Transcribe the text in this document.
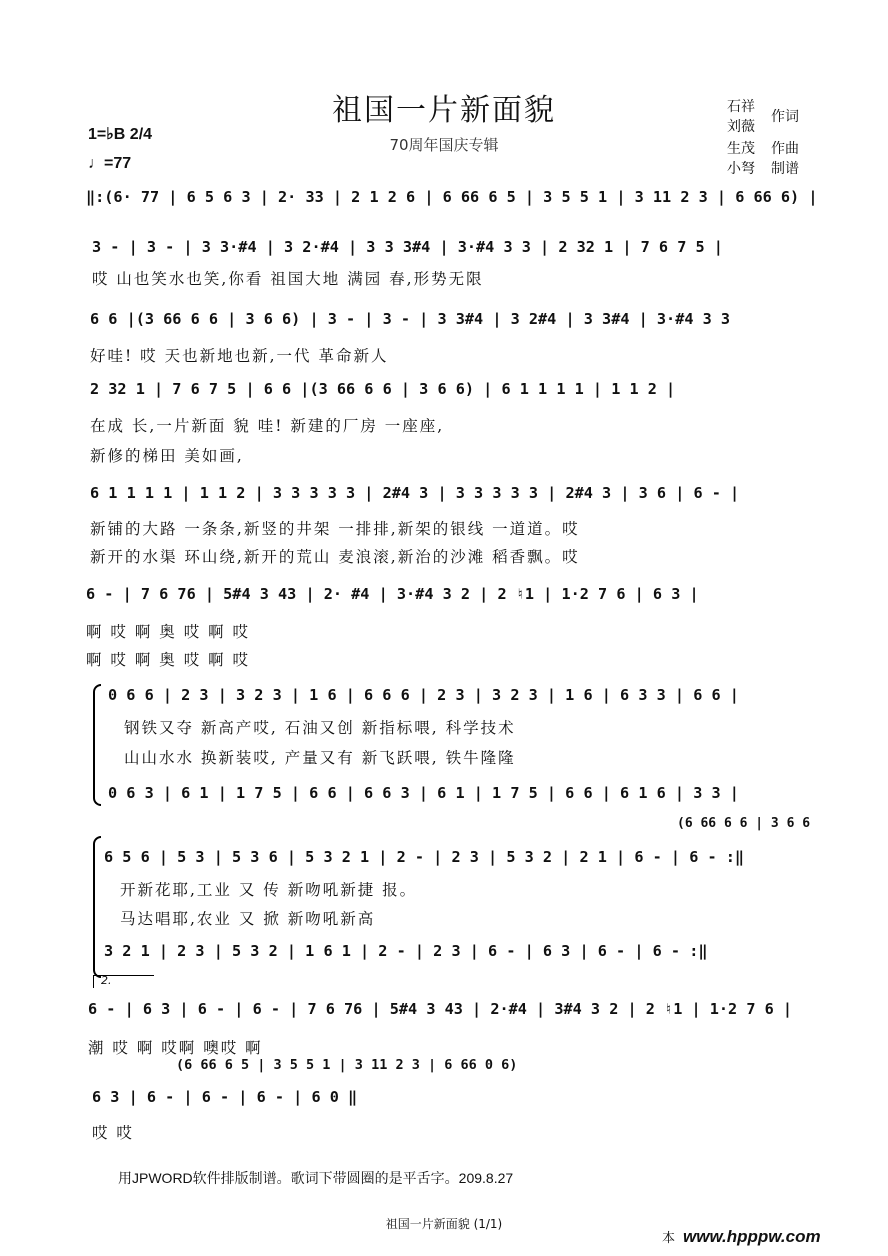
祖国一片新面貌
70周年国庆专辑
石祥
刘薇
作词
生茂 作曲
小弩 制谱
1=♭B 2/4
♩=77
‖:(6· 77 | 6 5 6 3 | 2· 33 | 2 1 2 6 | 6 66 6 5 | 3 5 5 1 | 3 11 2 3 | 6 66 6) |
3 - | 3 - | 3 3·#4 | 3 2·#4 | 3 3 3#4 | 3·#4 3 3 | 2 32 1 | 7 6 7 5 |
哎 山也笑水也笑,你看 祖国大地 满园 春,形势无限
6 6 |(3 66 6 6 | 3 6 6) | 3 - | 3 - | 3 3#4 | 3 2#4 | 3 3#4 | 3·#4 3 3
好哇! 哎 天也新地也新,一代 革命新人
2 32 1 | 7 6 7 5 | 6 6 |(3 66 6 6 | 3 6 6) | 6 1 1 1 1 | 1 1 2 |
在成 长,一片新面 貌 哇! 新建的厂房 一座座,
新修的梯田 美如画,
6 1 1 1 1 | 1 1 2 | 3 3 3 3 3 | 2#4 3 | 3 3 3 3 3 | 2#4 3 | 3 6 | 6 - |
新铺的大路 一条条,新竖的井架 一排排,新架的银线 一道道。哎
新开的水渠 环山绕,新开的荒山 麦浪滚,新治的沙滩 稻香飘。哎
6 - | 7 6 76 | 5#4 3 43 | 2· #4 | 3·#4 3 2 | 2 ♮1 | 1·2 7 6 | 6 3 |
啊 哎 啊 奥 哎 啊 哎
啊 哎 啊 奥 哎 啊 哎
0 6 6 | 2 3 | 3 2 3 | 1 6 | 6 6 6 | 2 3 | 3 2 3 | 1 6 | 6 3 3 | 6 6 |
钢铁又夺 新高产哎, 石油又创 新指标喂, 科学技术
山山水水 换新装哎, 产量又有 新飞跃喂, 铁牛隆隆
0 6 3 | 6 1 | 1 7 5 | 6 6 | 6 6 3 | 6 1 | 1 7 5 | 6 6 | 6 1 6 | 3 3 |
(6 66 6 6 | 3 6 6
6 5 6 | 5 3 | 5 3 6 | 5 3 2 1 | 2 - | 2 3 | 5 3 2 | 2 1 | 6 - | 6 - :‖
开新花耶,工业 又 传 新吻吼新捷 报。
马达唱耶,农业 又 掀 新吻吼新高
3 2 1 | 2 3 | 5 3 2 | 1 6 1 | 2 - | 2 3 | 6 - | 6 3 | 6 - | 6 - :‖
2.
6 - | 6 3 | 6 - | 6 - | 7 6 76 | 5#4 3 43 | 2·#4 | 3#4 3 2 | 2 ♮1 | 1·2 7 6 |
潮 哎 啊 哎啊 噢哎 啊
(6 66 6 5 | 3 5 5 1 | 3 11 2 3 | 6 66 0 6)
6 3 | 6 - | 6 - | 6 - | 6 0 ‖
哎 哎
用JPWORD软件排版制谱。歌词下带圆圈的是平舌字。209.8.27
祖国一片新面貌 (1/1)
本 www.hpppw.com
